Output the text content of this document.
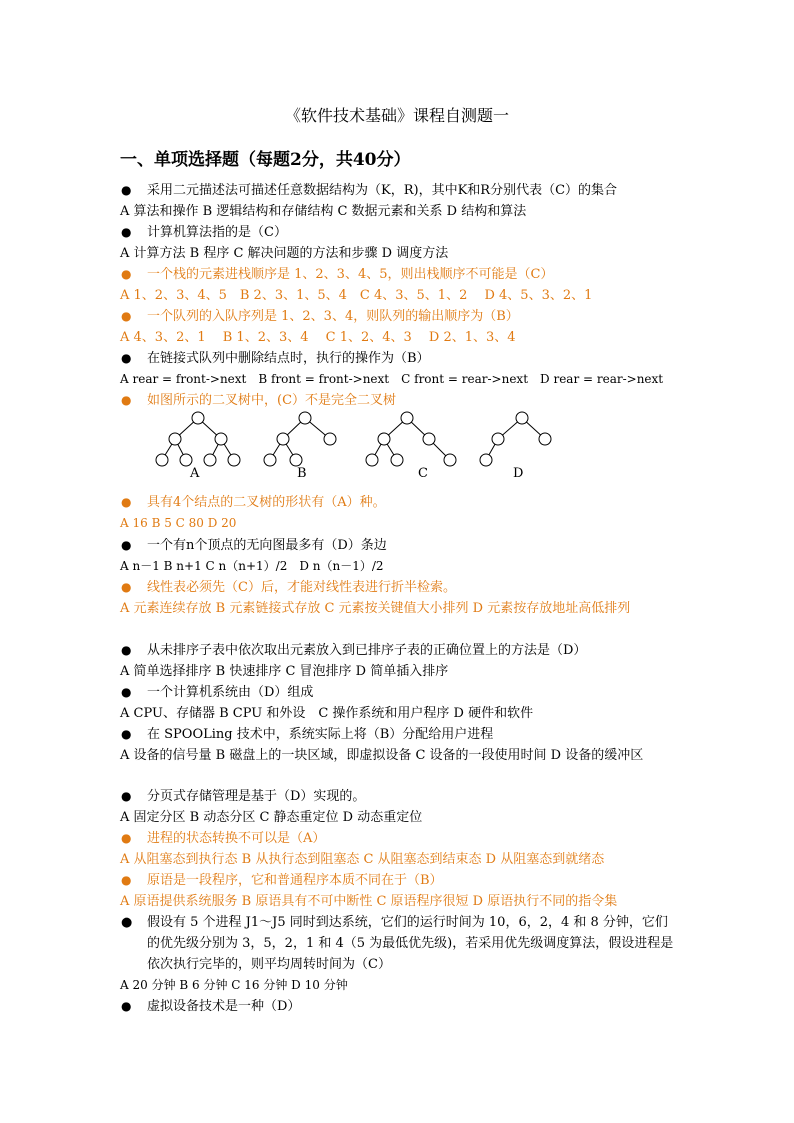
《软件技术基础》课程自测题一
一、单项选择题（每题2分，共40分）
● 采用二元描述法可描述任意数据结构为（K，R)，其中K和R分别代表（C）的集合
A 算法和操作 B 逻辑结构和存储结构 C 数据元素和关系 D 结构和算法
● 计算机算法指的是（C）
A 计算方法 B 程序 C 解决问题的方法和步骤 D 调度方法
● 一个栈的元素进栈顺序是 1、2、3、4、5，则出栈顺序不可能是（C）
A 1、2、3、4、5　B 2、3、1、5、4　C 4、3、5、1、2　 D 4、5、3、2、1
● 一个队列的入队序列是 1、2、3、4，则队列的输出顺序为（B）
A 4、3、2、1　 B 1、2、3、4　 C 1、2、4、3　 D 2、1、3、4
● 在链接式队列中删除结点时，执行的操作为（B）
A rear = front->next　B front = front->next　C front = rear->next　D rear = rear->next
● 如图所示的二叉树中，(C）不是完全二叉树
A	B	C	D
● 具有4个结点的二叉树的形状有（A）种。
A 16 B 5 C 80 D 20
● 一个有n个顶点的无向图最多有（D）条边
A n－1 B n+1 C n（n+1）/2　D n（n－1）/2
● 线性表必须先（C）后，才能对线性表进行折半检索。
A 元素连续存放 B 元素链接式存放 C 元素按关键值大小排列 D 元素按存放地址高低排列
● 从未排序子表中依次取出元素放入到已排序子表的正确位置上的方法是（D）
A 简单选择排序 B 快速排序 C 冒泡排序 D 简单插入排序
● 一个计算机系统由（D）组成
A CPU、存储器 B CPU 和外设　C 操作系统和用户程序 D 硬件和软件
● 在 SPOOLing 技术中，系统实际上将（B）分配给用户进程
A 设备的信号量 B 磁盘上的一块区域，即虚拟设备 C 设备的一段使用时间 D 设备的缓冲区
● 分页式存储管理是基于（D）实现的。
A 固定分区 B 动态分区 C 静态重定位 D 动态重定位
● 进程的状态转换不可以是（A）
A 从阻塞态到执行态 B 从执行态到阻塞态 C 从阻塞态到结束态 D 从阻塞态到就绪态
● 原语是一段程序，它和普通程序本质不同在于（B）
A 原语提供系统服务 B 原语具有不可中断性 C 原语程序很短 D 原语执行不同的指令集
● 假设有 5 个进程 J1～J5 同时到达系统，它们的运行时间为 10，6，2，4 和 8 分钟，它们的优先级分别为 3，5，2，1 和 4（5 为最低优先级)，若采用优先级调度算法，假设进程是依次执行完毕的，则平均周转时间为（C）
A 20 分钟 B 6 分钟 C 16 分钟 D 10 分钟
● 虚拟设备技术是一种（D）
